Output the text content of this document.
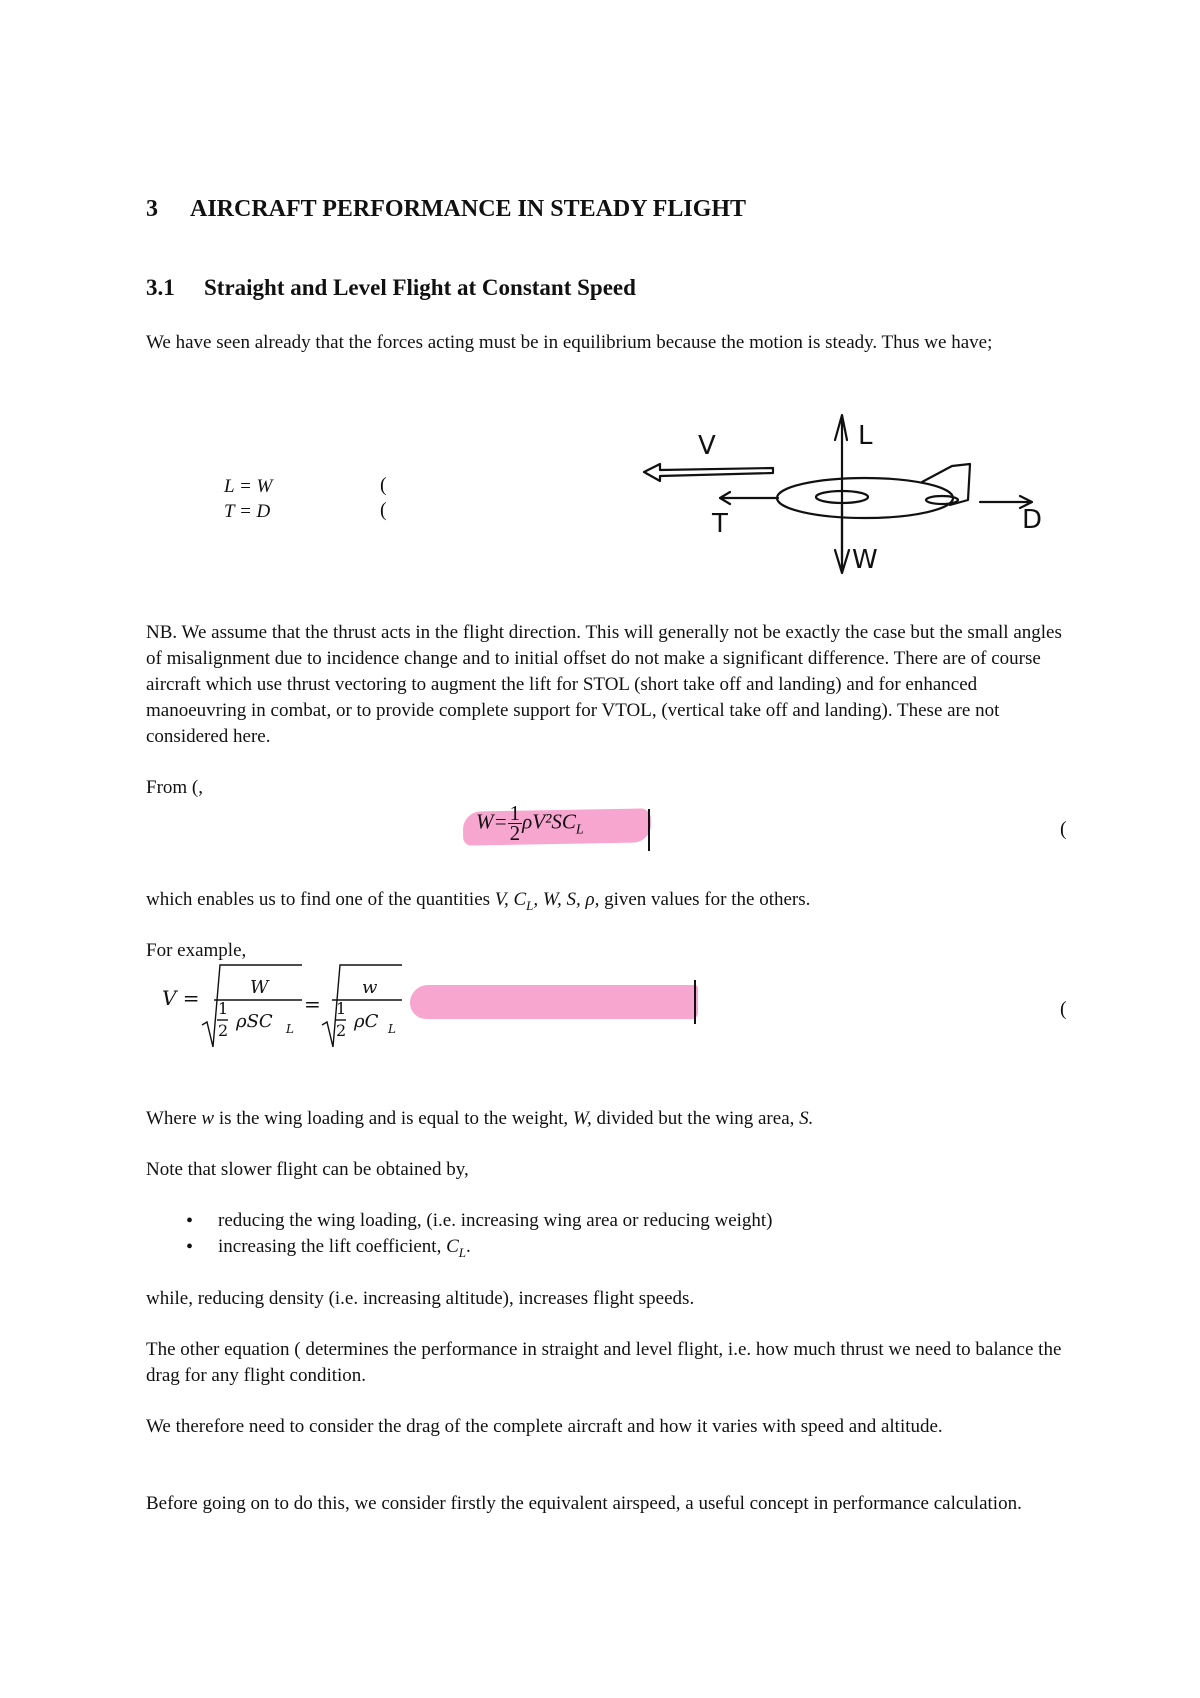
3 AIRCRAFT PERFORMANCE IN STEADY FLIGHT
3.1 Straight and Level Flight at Constant Speed
We have seen already that the forces acting must be in equilibrium because the motion is steady. Thus we have;
L = W
T = D
(
(
V	L
T	D
W
NB. We assume that the thrust acts in the flight direction. This will generally not be exactly the case but the small angles of misalignment due to incidence change and to initial offset do not make a significant difference. There are of course aircraft which use thrust vectoring to augment the lift for STOL (short take off and landing) and for enhanced manoeuvring in combat, or to provide complete support for VTOL, (vertical take off and landing). These are not considered here.
From (,
$W= \frac{1}{2} \rho V^2SC_L$	(
which enables us to find one of the quantities V, $C_L$, W, S, ρ, given values for the others.
For example,
V =	W
1
2 ρSC L
=
w
1
2 ρC L
(
Where w is the wing loading and is equal to the weight, W, divided but the wing area, S.
Note that slower flight can be obtained by,
• reducing the wing loading, (i.e. increasing wing area or reducing weight)
• increasing the lift coefficient, $C_L$.
while, reducing density (i.e. increasing altitude), increases flight speeds.
The other equation ( determines the performance in straight and level flight, i.e. how much thrust we need to balance the drag for any flight condition.
We therefore need to consider the drag of the complete aircraft and how it varies with speed and altitude.
Before going on to do this, we consider firstly the equivalent airspeed, a useful concept in performance calculation.
